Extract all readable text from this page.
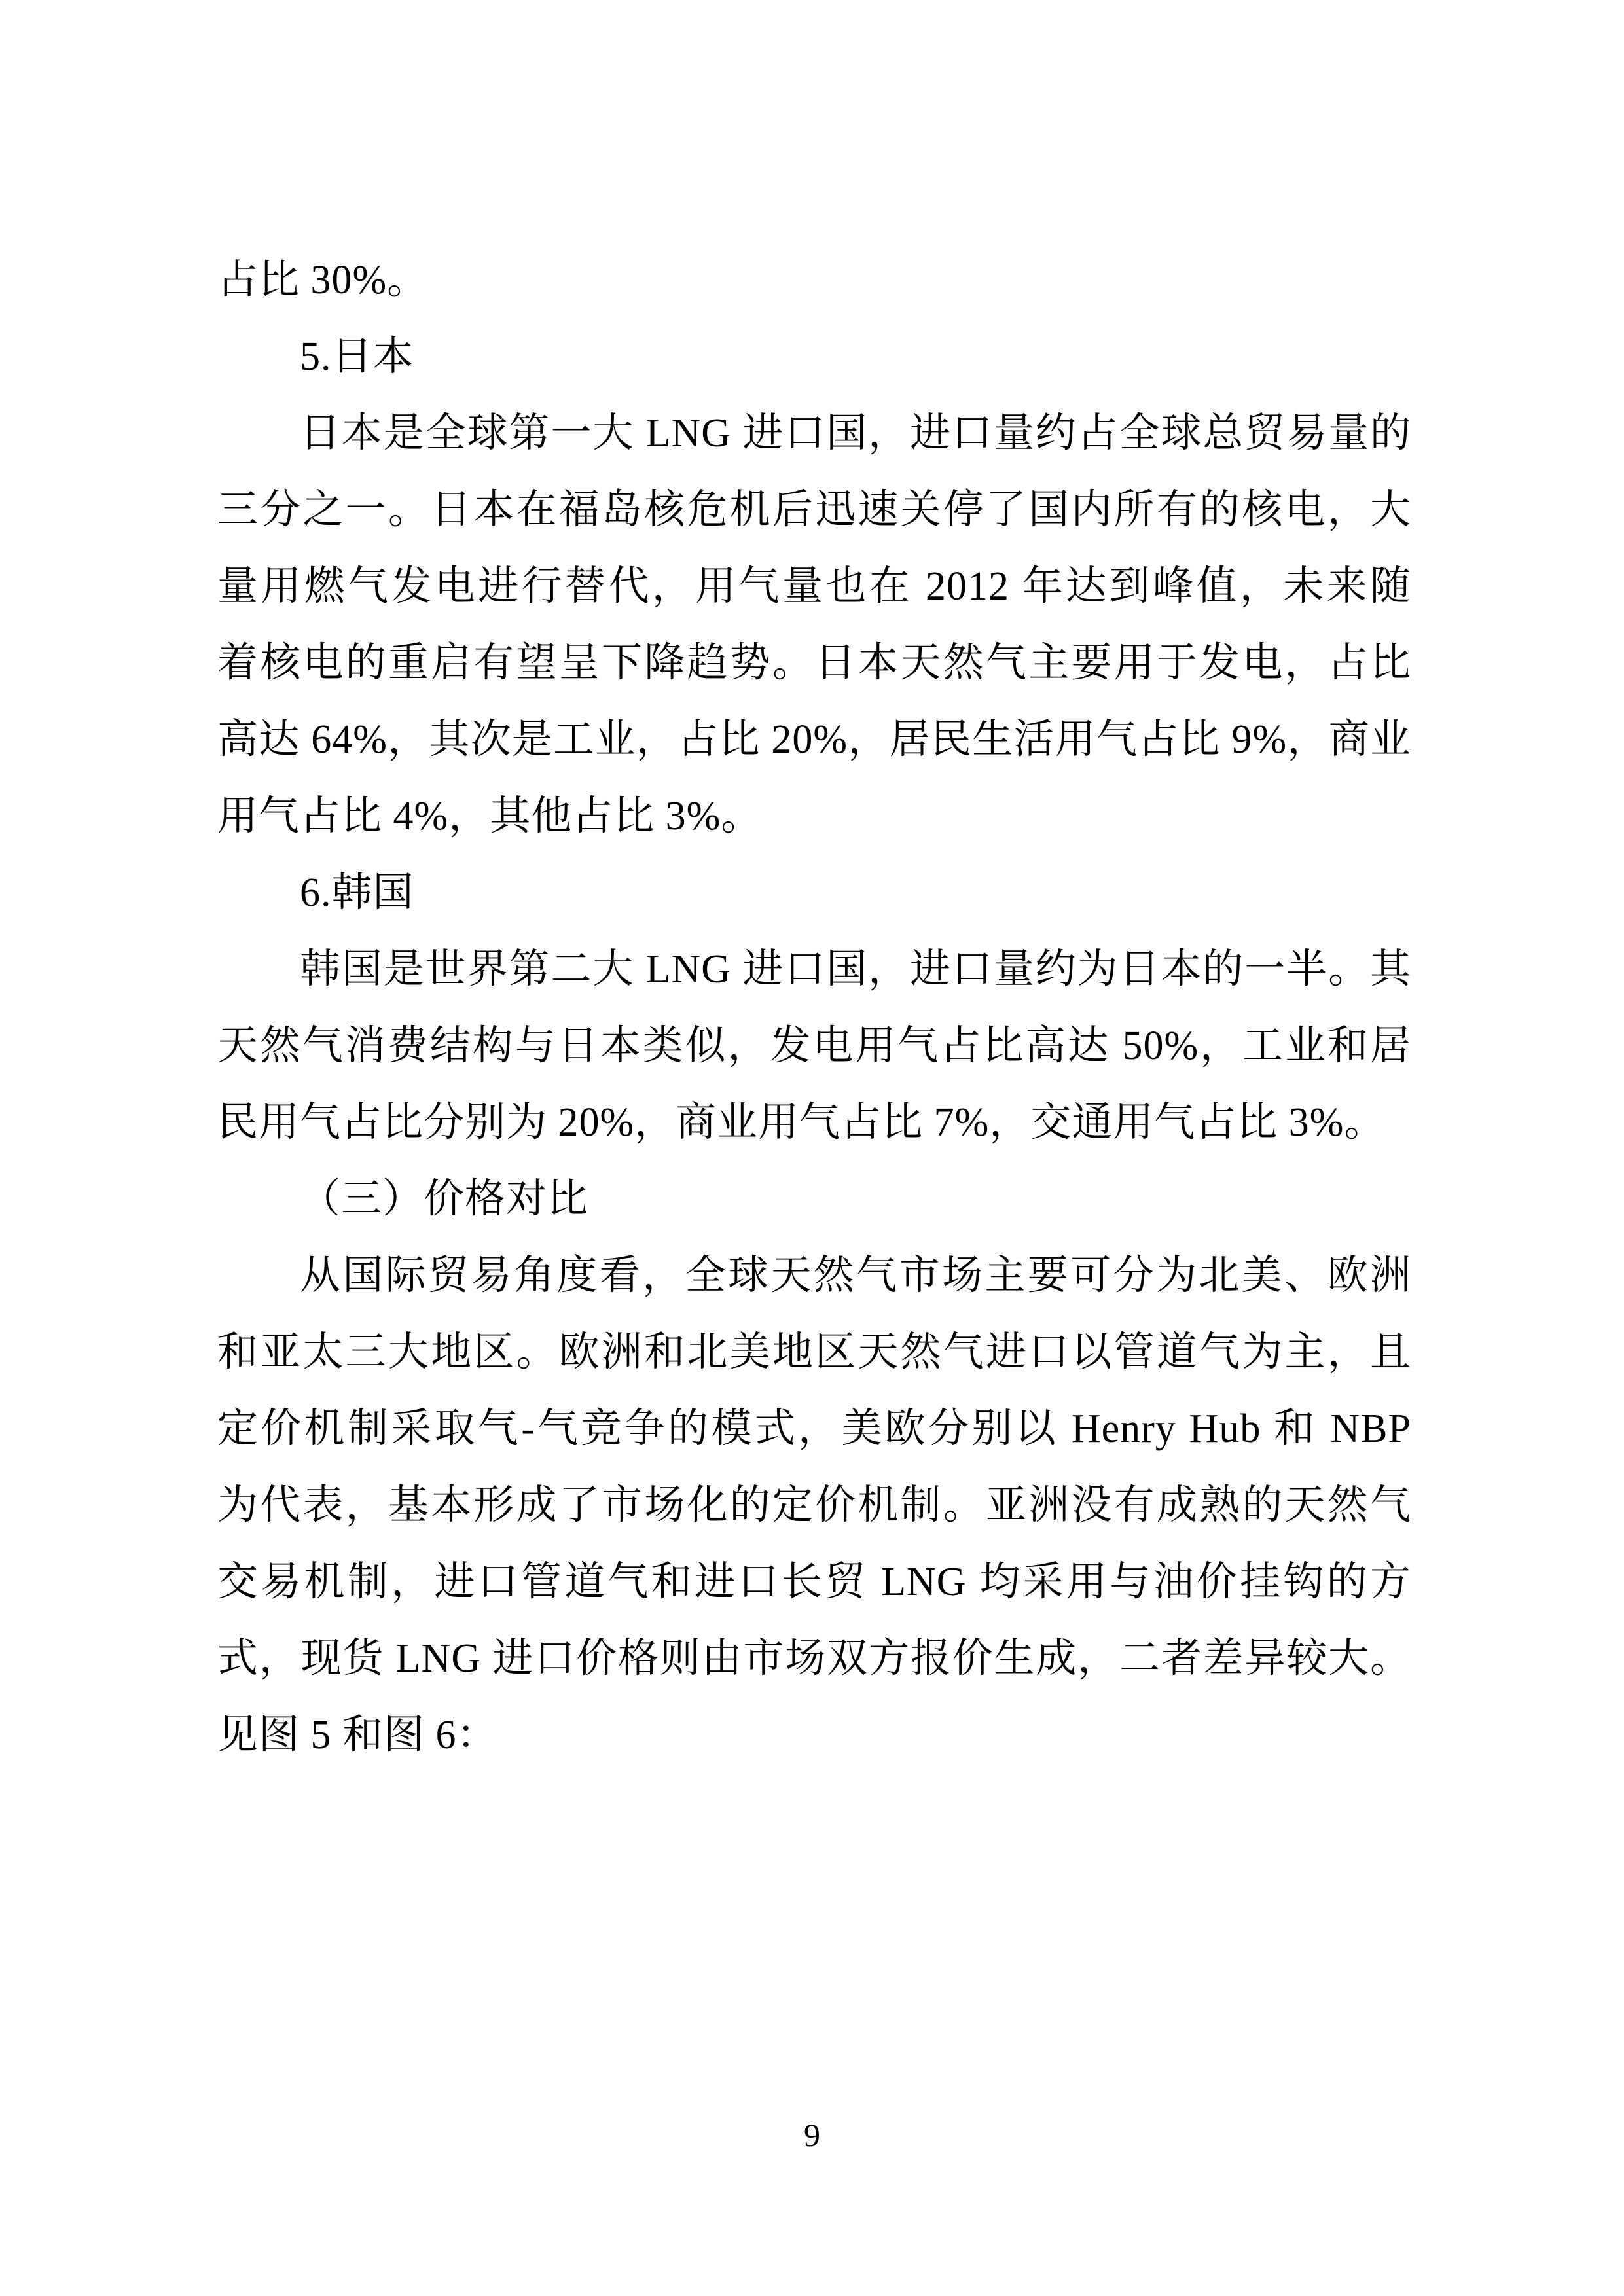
占比 30%。
5.日本
日本是全球第一大 LNG 进口国，进口量约占全球总贸易量的
三分之一。日本在福岛核危机后迅速关停了国内所有的核电，大
量用燃气发电进行替代，用气量也在 2012 年达到峰值，未来随
着核电的重启有望呈下降趋势。日本天然气主要用于发电，占比
高达 64%，其次是工业，占比 20%，居民生活用气占比 9%，商业
用气占比 4%，其他占比 3%。
6.韩国
韩国是世界第二大 LNG 进口国，进口量约为日本的一半。其
天然气消费结构与日本类似，发电用气占比高达 50%，工业和居
民用气占比分别为 20%，商业用气占比 7%，交通用气占比 3%。
（三）价格对比
从国际贸易角度看，全球天然气市场主要可分为北美、欧洲
和亚太三大地区。欧洲和北美地区天然气进口以管道气为主，且
定价机制采取气-气竞争的模式，美欧分别以 Henry Hub 和 NBP
为代表，基本形成了市场化的定价机制。亚洲没有成熟的天然气
交易机制，进口管道气和进口长贸 LNG 均采用与油价挂钩的方
式，现货 LNG 进口价格则由市场双方报价生成，二者差异较大。
见图 5 和图 6：
9
